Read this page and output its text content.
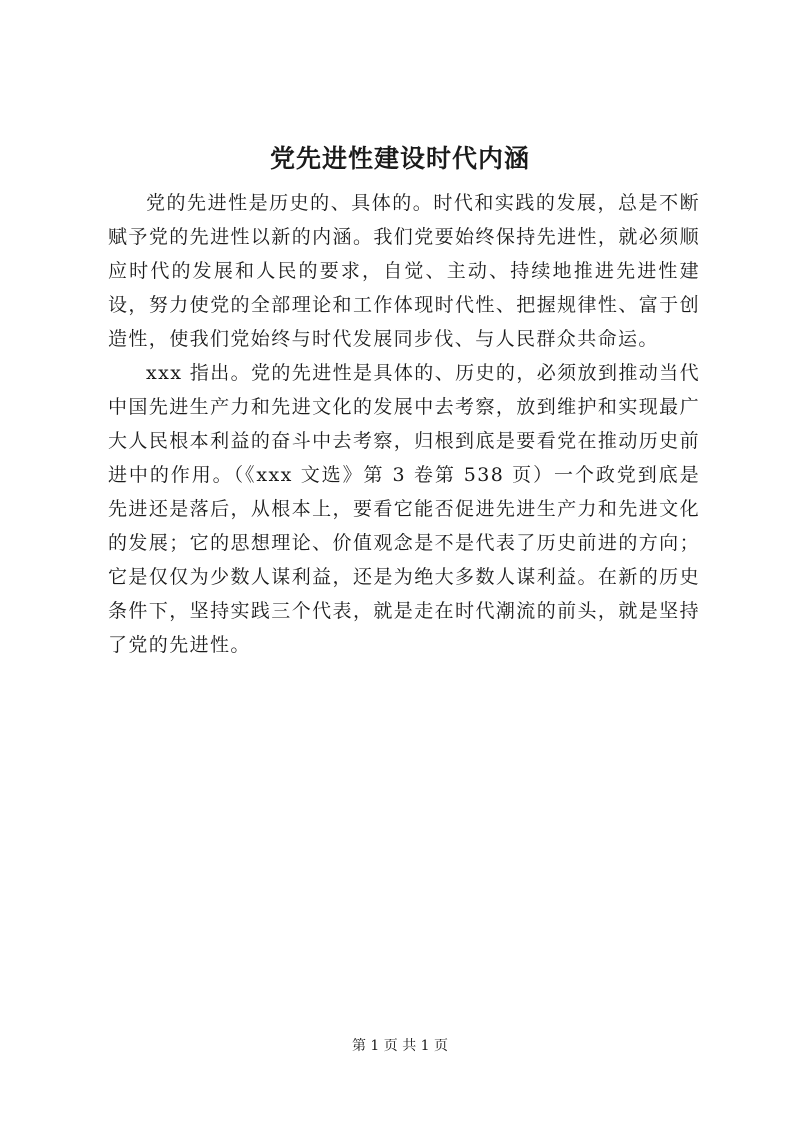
党先进性建设时代内涵

党的先进性是历史的、具体的。时代和实践的发展，总是不断赋予党的先进性以新的内涵。我们党要始终保持先进性，就必须顺应时代的发展和人民的要求，自觉、主动、持续地推进先进性建设，努力使党的全部理论和工作体现时代性、把握规律性、富于创造性，使我们党始终与时代发展同步伐、与人民群众共命运。

xxx 指出。党的先进性是具体的、历史的，必须放到推动当代中国先进生产力和先进文化的发展中去考察，放到维护和实现最广大人民根本利益的奋斗中去考察，归根到底是要看党在推动历史前进中的作用。（《xxx 文选》第 3 卷第 538 页）一个政党到底是先进还是落后，从根本上，要看它能否促进先进生产力和先进文化的发展；它的思想理论、价值观念是不是代表了历史前进的方向；它是仅仅为少数人谋利益，还是为绝大多数人谋利益。在新的历史条件下，坚持实践三个代表，就是走在时代潮流的前头，就是坚持了党的先进性。

第 1 页 共 1 页
